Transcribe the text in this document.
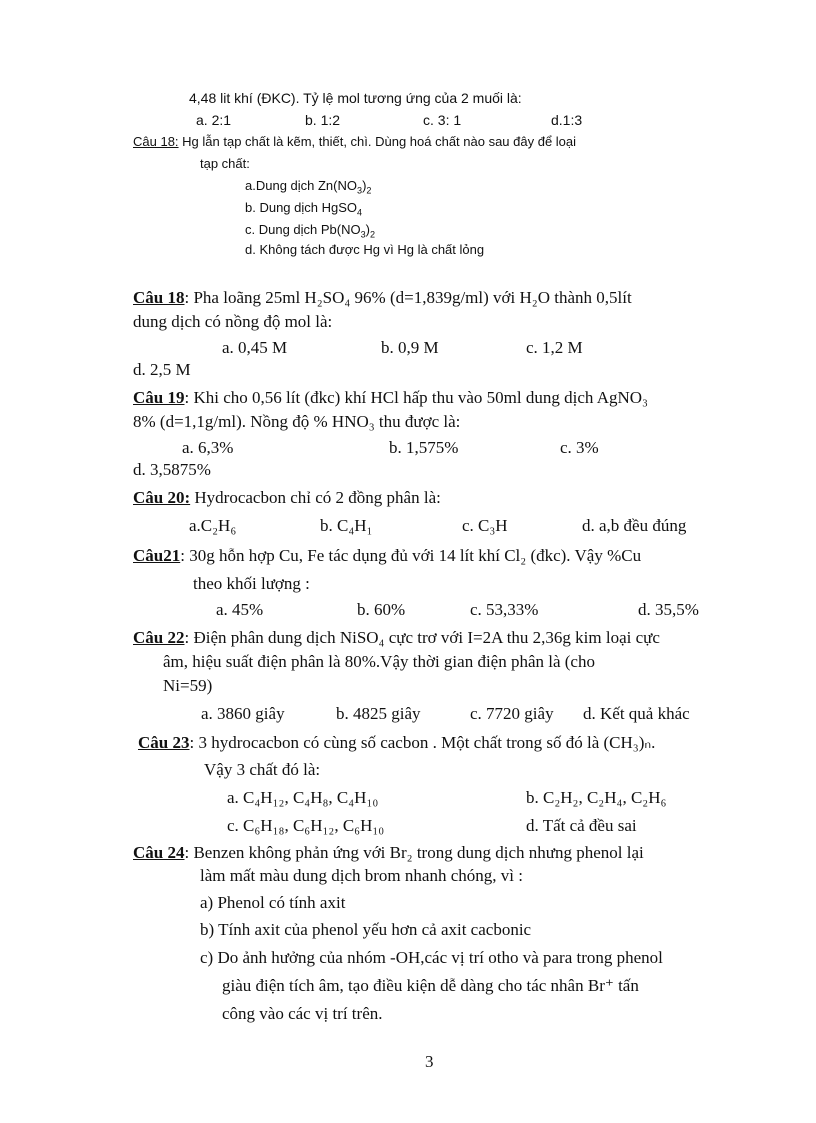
4,48 lit khí (ĐKC). Tỷ lệ mol tương ứng của 2 muối là:
a. 2:1	b. 1:2	c. 3: 1	d.1:3
Câu 18: Hg lẫn tạp chất là kẽm, thiết, chì. Dùng hoá chất nào sau đây để loại
tạp chất:
a.Dung dịch $Zn(NO_3)_2$
b. Dung dịch HgSO$_4$
c. Dung dịch $Pb(NO_3)_2$
d. Không tách được Hg vì Hg là chất lỏng
Câu 18: Pha loãng 25ml H₂SO₄ 96% (d=1,839g/ml) với H₂O thành 0,5lít
dung dịch có nồng độ mol là:
a. 0,45 M	b. 0,9 M	c. 1,2 M
d. 2,5 M
Câu 19: Khi cho 0,56 lít (đkc) khí HCl hấp thu vào 50ml dung dịch AgNO₃
8% (d=1,1g/ml). Nồng độ % HNO₃ thu được là:
a. 6,3%	b. 1,575%	c. 3%
d. 3,5875%
Câu 20: Hydrocacbon chỉ có 2 đồng phân là:
a.C₂H₆	b. C₄H₁	c. C₃H	d. a,b đều đúng
Câu21: 30g hỗn hợp Cu, Fe tác dụng đủ với 14 lít khí Cl₂ (đkc). Vậy %Cu
theo khối lượng :
a. 45%	b. 60%	c. 53,33%	d. 35,5%
Câu 22: Điện phân dung dịch NiSO₄ cực trơ với I=2A thu 2,36g kim loại cực
âm, hiệu suất điện phân là 80%.Vậy thời gian điện phân là (cho
Ni=59)
a. 3860 giây	b. 4825 giây	c. 7720 giây d. Kết quả khác
Câu 23: 3 hydrocacbon có cùng số cacbon . Một chất trong số đó là (CH₃)ₙ.
Vậy 3 chất đó là:
a. C₄H₁₂, C₄H₈, C₄H₁₀	b. C₂H₂, C₂H₄, C₂H₆
c. C₆H₁₈, C₆H₁₂, C₆H₁₀	d. Tất cả đều sai
Câu 24: Benzen không phản ứng với Br₂ trong dung dịch nhưng phenol lại
làm mất màu dung dịch brom nhanh chóng, vì :
a) Phenol có tính axit
b) Tính axit của phenol yếu hơn cả axit cacbonic
c) Do ảnh hưởng của nhóm -OH,các vị trí otho và para trong phenol
giàu điện tích âm, tạo điều kiện dễ dàng cho tác nhân Br⁺ tấn
công vào các vị trí trên.
3
